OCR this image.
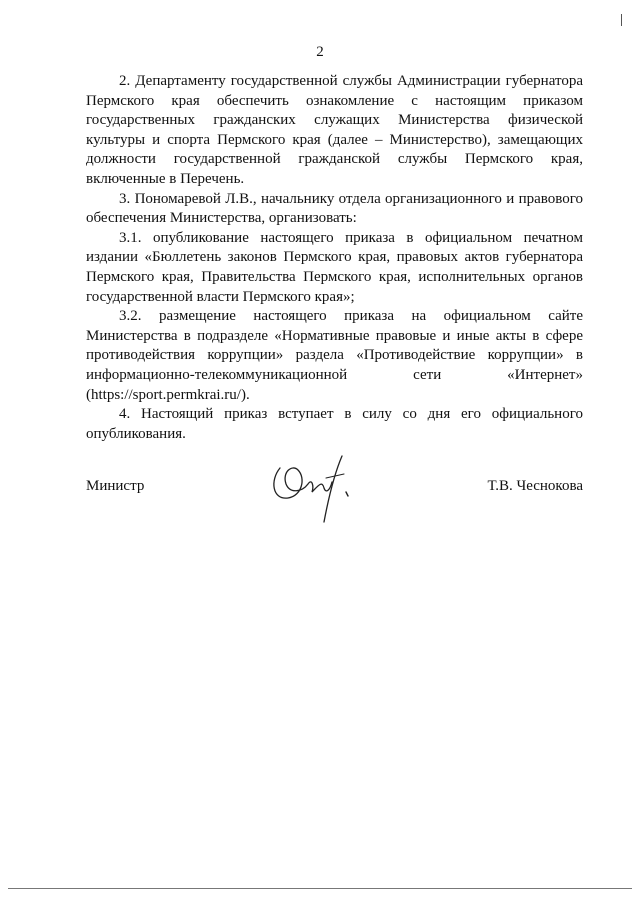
2

2. Департаменту государственной службы Администрации губернатора Пермского края обеспечить ознакомление с настоящим приказом государственных гражданских служащих Министерства физической культуры и спорта Пермского края (далее – Министерство), замещающих должности государственной гражданской службы Пермского края, включенные в Перечень.

3. Пономаревой Л.В., начальнику отдела организационного и правового обеспечения Министерства, организовать:

3.1. опубликование настоящего приказа в официальном печатном издании «Бюллетень законов Пермского края, правовых актов губернатора Пермского края, Правительства Пермского края, исполнительных органов государственной власти Пермского края»;

3.2. размещение настоящего приказа на официальном сайте Министерства в подразделе «Нормативные правовые и иные акты в сфере противодействия коррупции» раздела «Противодействие коррупции» в информационно-телекоммуникационной сети «Интернет» (https://sport.permkrai.ru/).

4. Настоящий приказ вступает в силу со дня его официального опубликования.

Министр	Т.В. Чеснокова
